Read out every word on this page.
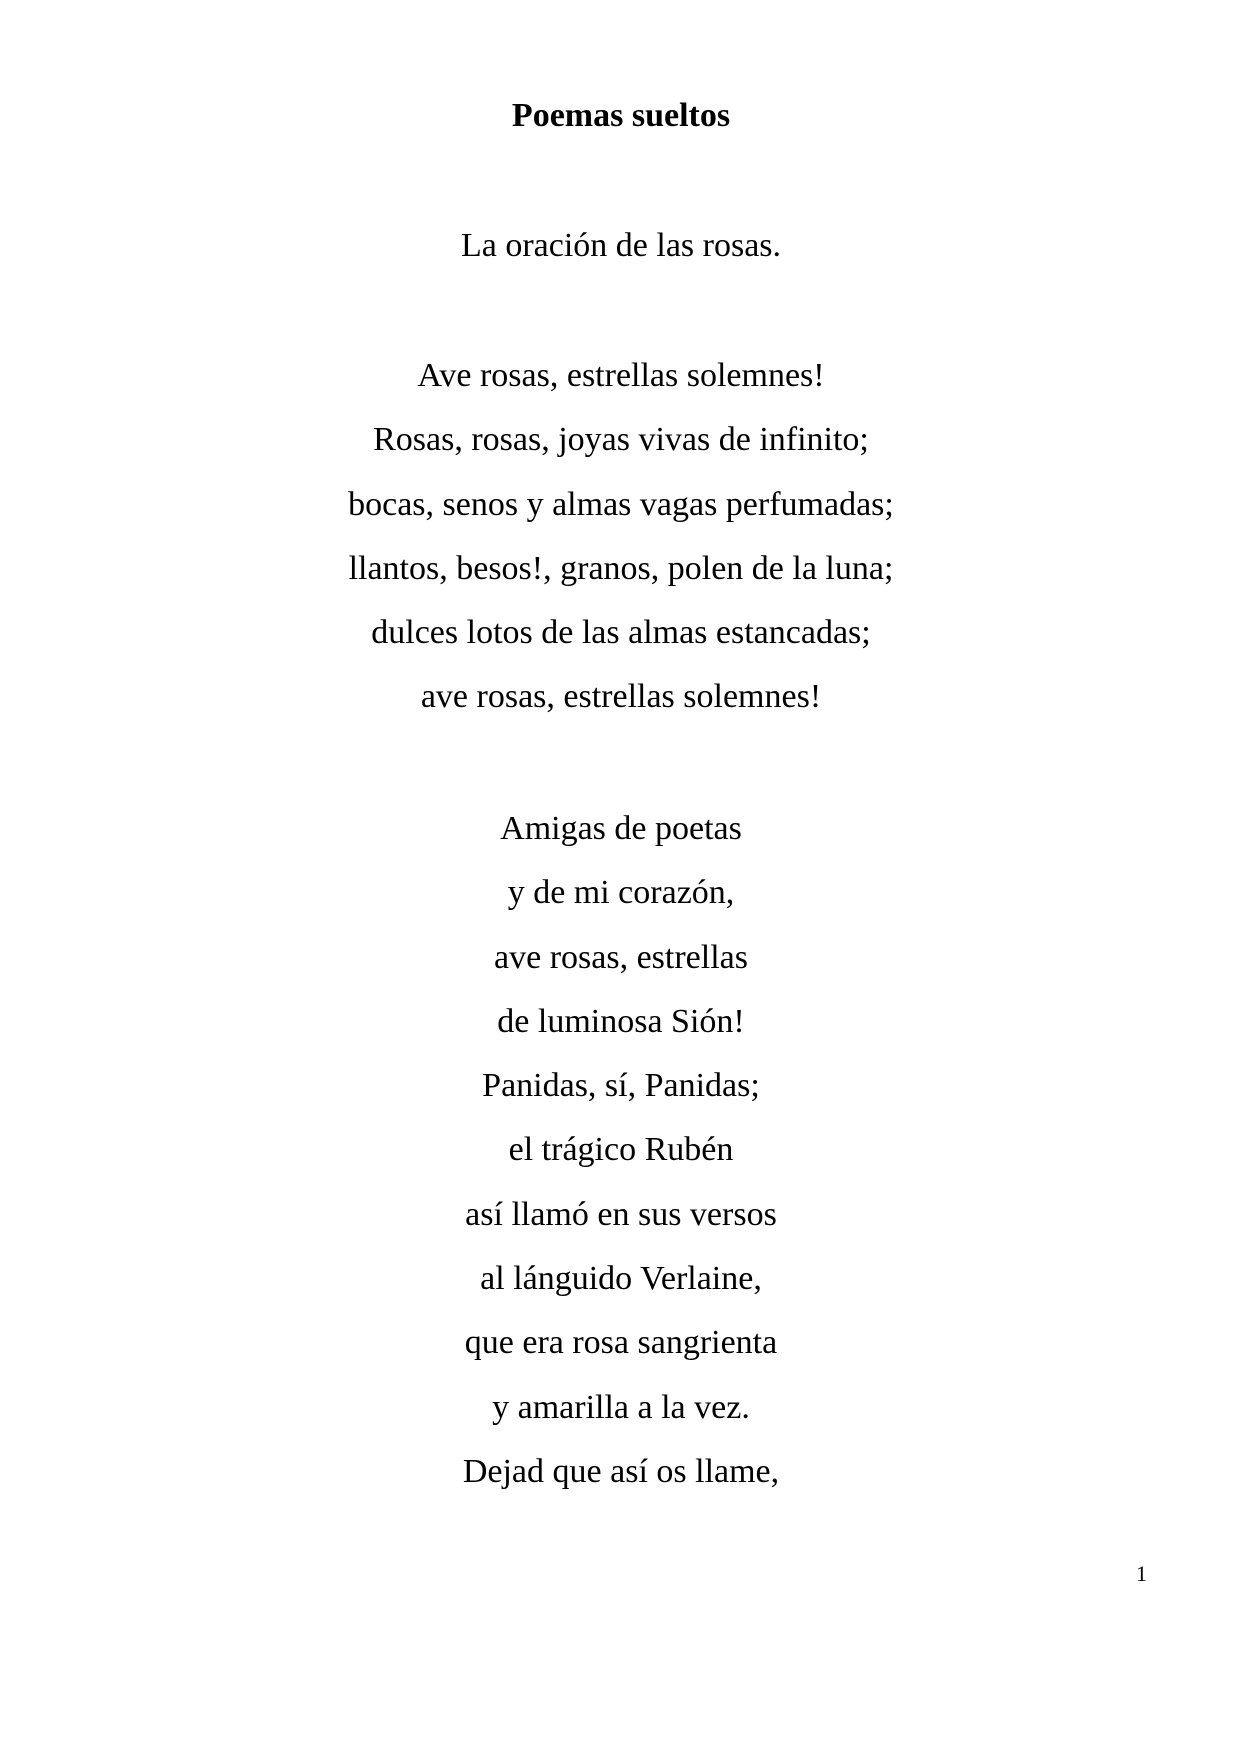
Poemas sueltos
La oración de las rosas.
Ave rosas, estrellas solemnes!
Rosas, rosas, joyas vivas de infinito;
bocas, senos y almas vagas perfumadas;
llantos, besos!, granos, polen de la luna;
dulces lotos de las almas estancadas;
ave rosas, estrellas solemnes!
Amigas de poetas
y de mi corazón,
ave rosas, estrellas
de luminosa Sión!
Panidas, sí, Panidas;
el trágico Rubén
así llamó en sus versos
al lánguido Verlaine,
que era rosa sangrienta
y amarilla a la vez.
Dejad que así os llame,
1
